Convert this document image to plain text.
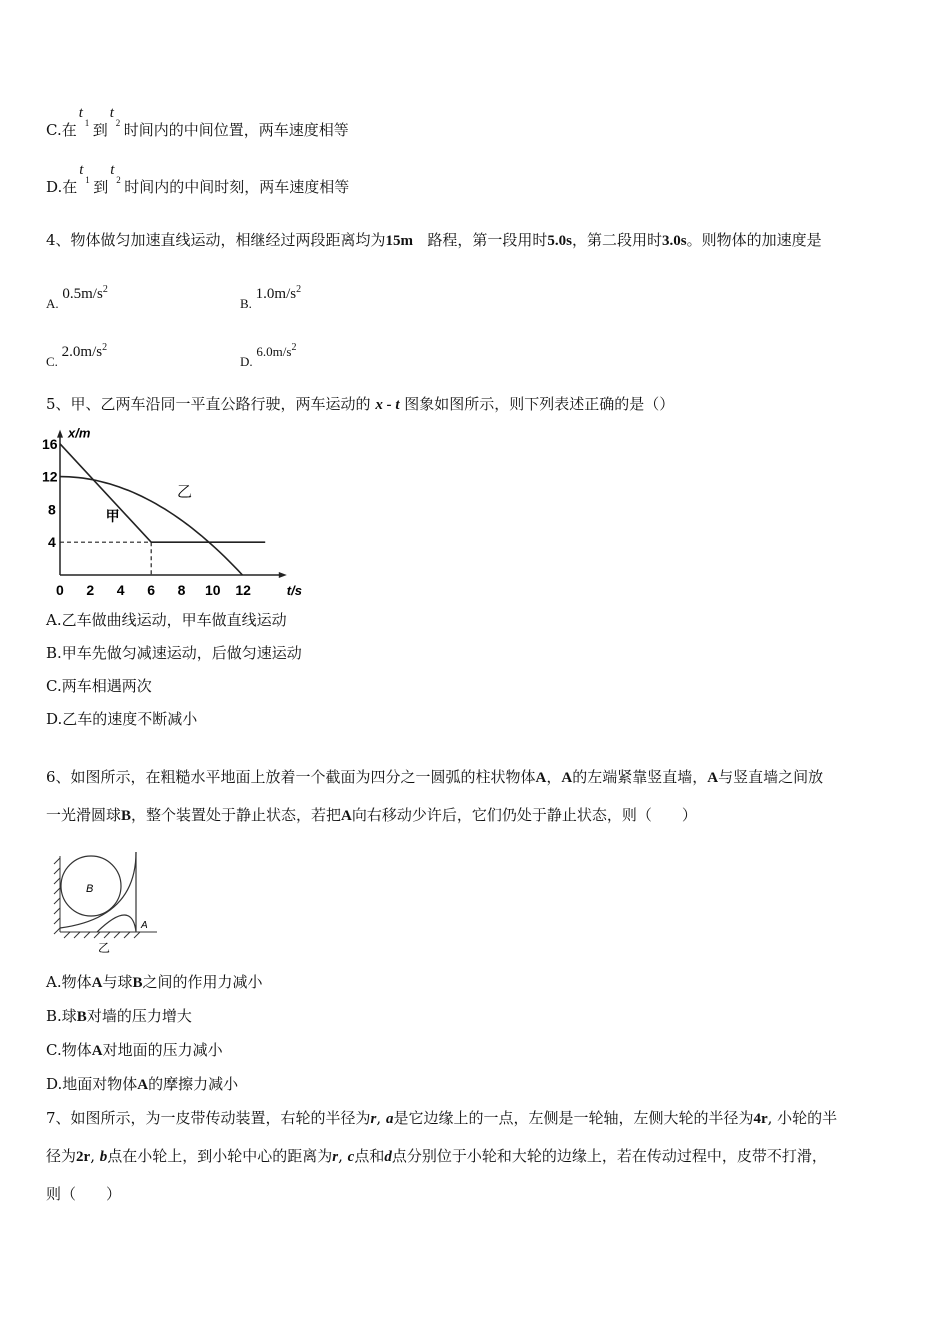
C.在
t
1 到
t
2 时间内的中间位置，两车速度相等
D.在
t
1 到
t
2 时间内的中间时刻，两车速度相等
4、物体做匀加速直线运动，相继经过两段距离均为15m 路程，第一段用时5.0s，第二段用时3.0s。则物体的加速度是
A. $0.5m/s^2$
B. $1.0m/s^2$
C. $2.0m/s^2$
D. $6.0m/s^2$
5、甲、乙两车沿同一平直公路行驶，两车运动的 x - t 图象如图所示，则下列表述正确的是（）
x/m
t/s
0 2 4 6 8 10 12
4
8
12
16
甲
乙
A.乙车做曲线运动，甲车做直线运动
B.甲车先做匀减速运动，后做匀速运动
C.两车相遇两次
D.乙车的速度不断减小
6、如图所示，在粗糙水平地面上放着一个截面为四分之一圆弧的柱状物体A，A的左端紧靠竖直墙，A与竖直墙之间放
一光滑圆球B，整个装置处于静止状态，若把A向右移动少许后，它们仍处于静止状态，则（　　）
B
A
乙
A.物体A与球B之间的作用力减小
B.球B对墙的压力增大
C.物体A对地面的压力减小
D.地面对物体A的摩擦力减小
7、如图所示，为一皮带传动装置，右轮的半径为r, a是它边缘上的一点，左侧是一轮轴，左侧大轮的半径为4r, 小轮的半
径为2r, b点在小轮上，到小轮中心的距离为r, c点和d点分别位于小轮和大轮的边缘上，若在传动过程中，皮带不打滑，
则（　　）
